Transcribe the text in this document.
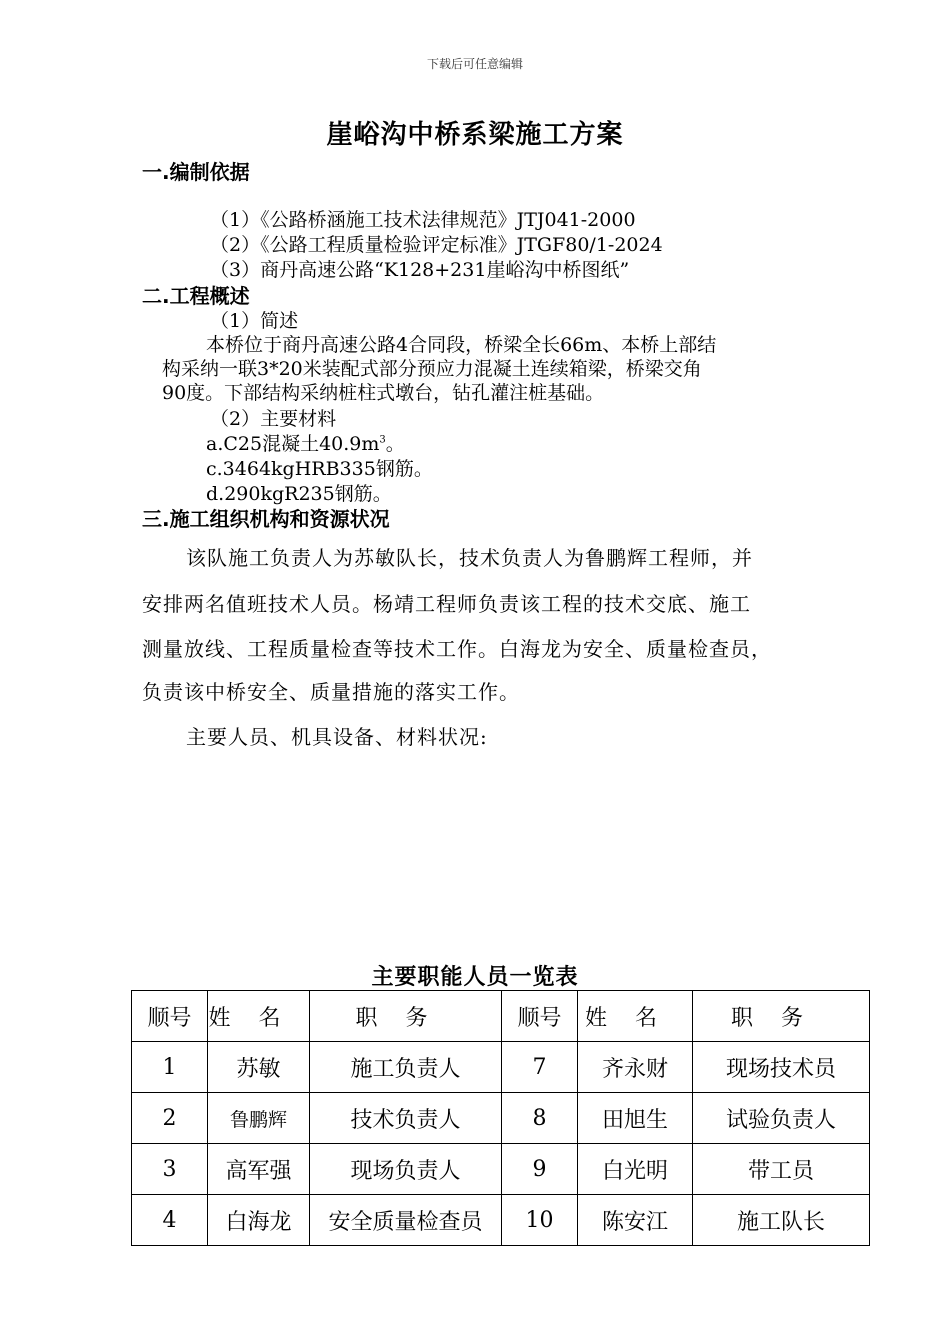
下载后可任意编辑
崖峪沟中桥系梁施工方案
一.编制依据
（1）《公路桥涵施工技术法律规范》JTJ041-2000
（2）《公路工程质量检验评定标准》JTGF80/1-2024
（3）商丹高速公路“K128+231崖峪沟中桥图纸”
二.工程概述
（1）简述
本桥位于商丹高速公路4合同段，桥梁全长66m、本桥上部结
构采纳一联3*20米装配式部分预应力混凝土连续箱梁，桥梁交角
90度。下部结构采纳桩柱式墩台，钻孔灌注桩基础。
（2）主要材料
a.C25混凝土$40.9m^3$。
c.3464kgHRB335钢筋。
d.290kgR235钢筋。
三.施工组织机构和资源状况
该队施工负责人为苏敏队长，技术负责人为鲁鹏辉工程师，并
安排两名值班技术人员。杨靖工程师负责该工程的技术交底、施工
测量放线、工程质量检查等技术工作。白海龙为安全、质量检查员，
负责该中桥安全、质量措施的落实工作。
主要人员、机具设备、材料状况:
主要职能人员一览表
顺号	姓名	职务	顺号	姓名	职务
1	苏敏	施工负责人	7	齐永财	现场技术员
2	鲁鹏辉	技术负责人	8	田旭生	试验负责人
3	高军强	现场负责人	9	白光明	带工员
4	白海龙	安全质量检查员	10	陈安江	施工队长
